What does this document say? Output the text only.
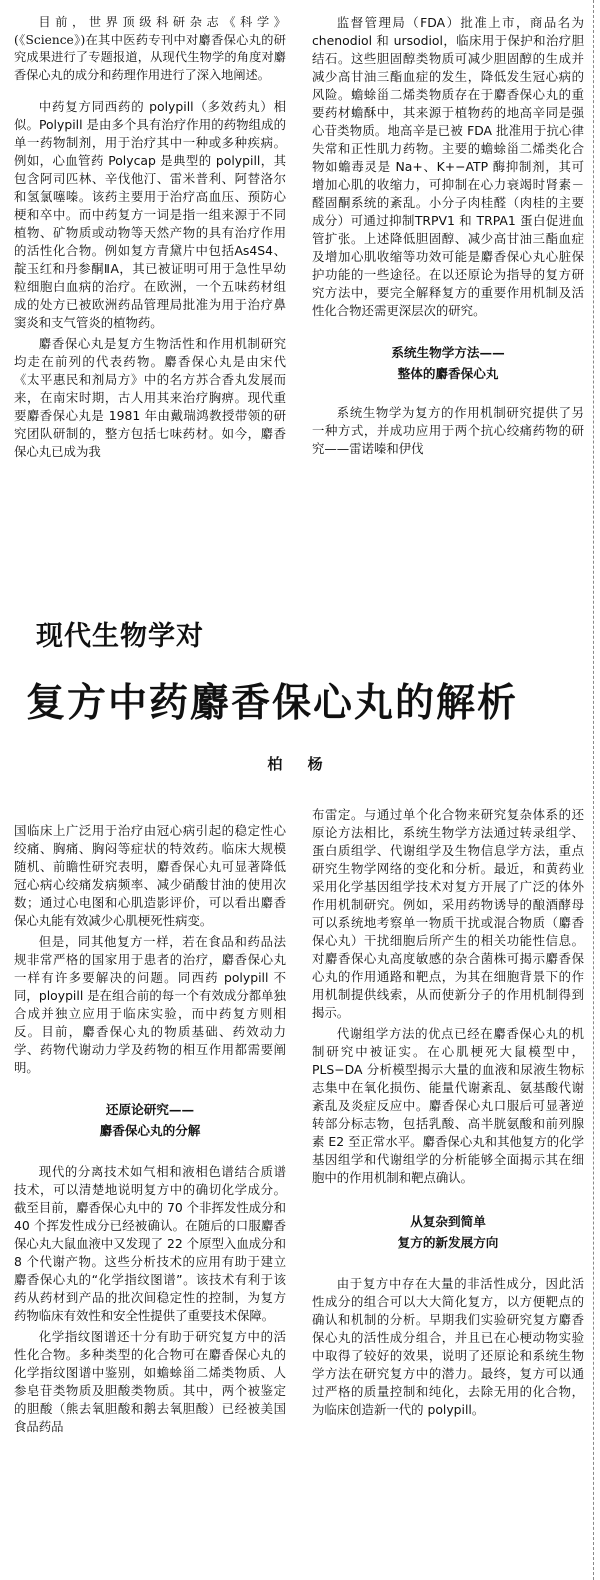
目前，世界顶级科研杂志《科学》(《Science》)在其中医药专刊中对麝香保心丸的研究成果进行了专题报道，从现代生物学的角度对麝香保心丸的成分和药理作用进行了深入地阐述。

中药复方同西药的 polypill（多效药丸）相似。Polypill 是由多个具有治疗作用的药物组成的单一药物制剂，用于治疗其中一种或多种疾病。例如，心血管药 Polycap 是典型的 polypill，其包含阿司匹林、辛伐他汀、雷米普利、阿替洛尔和氢氯噻嗪。该药主要用于治疗高血压、预防心梗和卒中。而中药复方一词是指一组来源于不同植物、矿物质或动物等天然产物的具有治疗作用的活性化合物。例如复方青黛片中包括As4S4、靛玉红和丹参酮ⅡA，其已被证明可用于急性早幼粒细胞白血病的治疗。在欧洲，一个五味药材组成的处方已被欧洲药品管理局批准为用于治疗鼻窦炎和支气管炎的植物药。

麝香保心丸是复方生物活性和作用机制研究均走在前列的代表药物。麝香保心丸是由宋代《太平惠民和剂局方》中的名方苏合香丸发展而来，在南宋时期，古人用其来治疗胸痹。现代重要麝香保心丸是 1981 年由戴瑞鸿教授带领的研究团队研制的，整方包括七味药材。如今，麝香保心丸已成为我

监督管理局（FDA）批准上市，商品名为chenodiol 和 ursodiol，临床用于保护和治疗胆结石。这些胆固醇类物质可减少胆固醇的生成并减少高甘油三酯血症的发生，降低发生冠心病的风险。蟾蜍甾二烯类物质存在于麝香保心丸的重要药材蟾酥中，其来源于植物药的地高辛同是强心苷类物质。地高辛是已被 FDA 批准用于抗心律失常和正性肌力药物。主要的蟾蜍甾二烯类化合物如蟾毒灵是 Na+、K+−ATP 酶抑制剂，其可增加心肌的收缩力，可抑制在心力衰竭时肾素－醛固酮系统的紊乱。小分子肉桂醛（肉桂的主要成分）可通过抑制TRPV1 和 TRPA1 蛋白促进血管扩张。上述降低胆固醇、减少高甘油三酯血症及增加心肌收缩等功效可能是麝香保心丸心脏保护功能的一些途径。在以还原论为指导的复方研究方法中，要完全解释复方的重要作用机制及活性化合物还需更深层次的研究。

系统生物学方法——
整体的麝香保心丸

系统生物学为复方的作用机制研究提供了另一种方式，并成功应用于两个抗心绞痛药物的研究——雷诺嗪和伊伐

现代生物学对
复方中药麝香保心丸的解析
柏 杨

国临床上广泛用于治疗由冠心病引起的稳定性心绞痛、胸痛、胸闷等症状的特效药。临床大规模随机、前瞻性研究表明，麝香保心丸可显著降低冠心病心绞痛发病频率、减少硝酸甘油的使用次数；通过心电图和心肌造影评价，可以看出麝香保心丸能有效减少心肌梗死性病变。

但是，同其他复方一样，若在食品和药品法规非常严格的国家用于患者的治疗，麝香保心丸一样有许多要解决的问题。同西药 polypill 不同，ploypill 是在组合前的每一个有效成分都单独合成并独立应用于临床实验，而中药复方则相反。目前，麝香保心丸的物质基础、药效动力学、药物代谢动力学及药物的相互作用都需要阐明。

还原论研究——
麝香保心丸的分解

现代的分离技术如气相和液相色谱结合质谱技术，可以清楚地说明复方中的确切化学成分。截至目前，麝香保心丸中的 70 个非挥发性成分和 40 个挥发性成分已经被确认。在随后的口服麝香保心丸大鼠血液中又发现了 22 个原型入血成分和 8 个代谢产物。这些分析技术的应用有助于建立麝香保心丸的“化学指纹图谱”。该技术有利于该药从药材到产品的批次间稳定性的控制，为复方药物临床有效性和安全性提供了重要技术保障。

化学指纹图谱还十分有助于研究复方中的活性化合物。多种类型的化合物可在麝香保心丸的化学指纹图谱中鉴别，如蟾蜍甾二烯类物质、人参皂苷类物质及胆酸类物质。其中，两个被鉴定的胆酸（熊去氧胆酸和鹅去氧胆酸）已经被美国食品药品

布雷定。与通过单个化合物来研究复杂体系的还原论方法相比，系统生物学方法通过转录组学、蛋白质组学、代谢组学及生物信息学方法，重点研究生物学网络的变化和分析。最近，和黄药业采用化学基因组学技术对复方开展了广泛的体外作用机制研究。例如，采用药物诱导的酿酒酵母可以系统地考察单一物质干扰或混合物质（麝香保心丸）干扰细胞后所产生的相关功能性信息。对麝香保心丸高度敏感的杂合菌株可揭示麝香保心丸的作用通路和靶点，为其在细胞背景下的作用机制提供线索，从而使新分子的作用机制得到揭示。

代谢组学方法的优点已经在麝香保心丸的机制研究中被证实。在心肌梗死大鼠模型中，PLS−DA 分析模型揭示大量的血液和尿液生物标志集中在氧化损伤、能量代谢紊乱、氨基酸代谢紊乱及炎症反应中。麝香保心丸口服后可显著逆转部分标志物，包括乳酸、高半胱氨酸和前列腺素 E2 至正常水平。麝香保心丸和其他复方的化学基因组学和代谢组学的分析能够全面揭示其在细胞中的作用机制和靶点确认。

从复杂到简单
复方的新发展方向

由于复方中存在大量的非活性成分，因此活性成分的组合可以大大简化复方，以方便靶点的确认和机制的分析。早期我们实验研究复方麝香保心丸的活性成分组合，并且已在心梗动物实验中取得了较好的效果，说明了还原论和系统生物学方法在研究复方中的潜力。最终，复方可以通过严格的质量控制和纯化，去除无用的化合物，为临床创造新一代的 polypill。
